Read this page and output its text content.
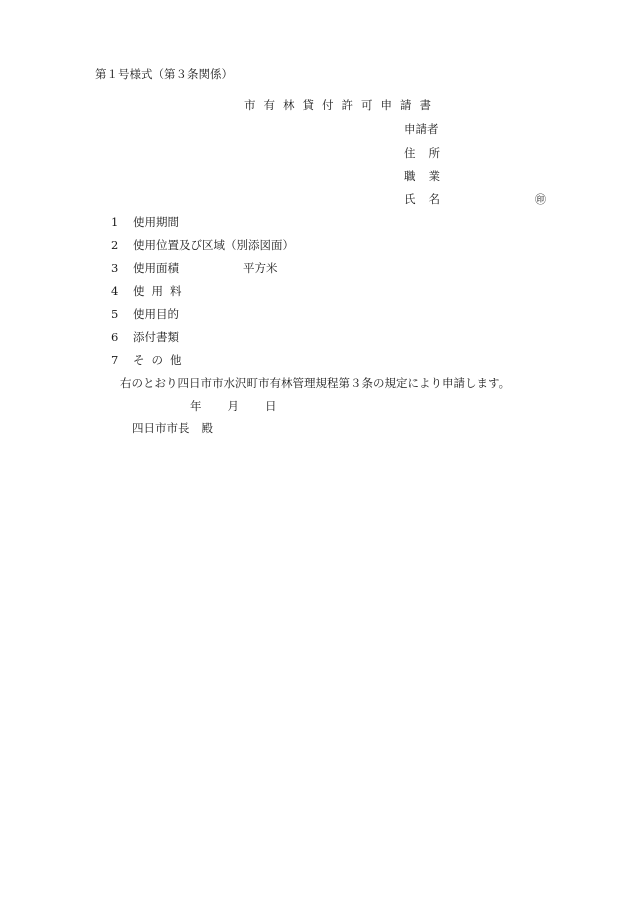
第１号様式（第３条関係）
市有林貸付許可申請書
申請者
住所
職業
氏名	㊞
1 使用期間
2 使用位置及び区域（別添図面）
3 使用面積	平方米
4 使用料
5 使用目的
6 添付書類
7 その他
右のとおり四日市市水沢町市有林管理規程第３条の規定により申請します。
年 月 日
四日市市長 殿
